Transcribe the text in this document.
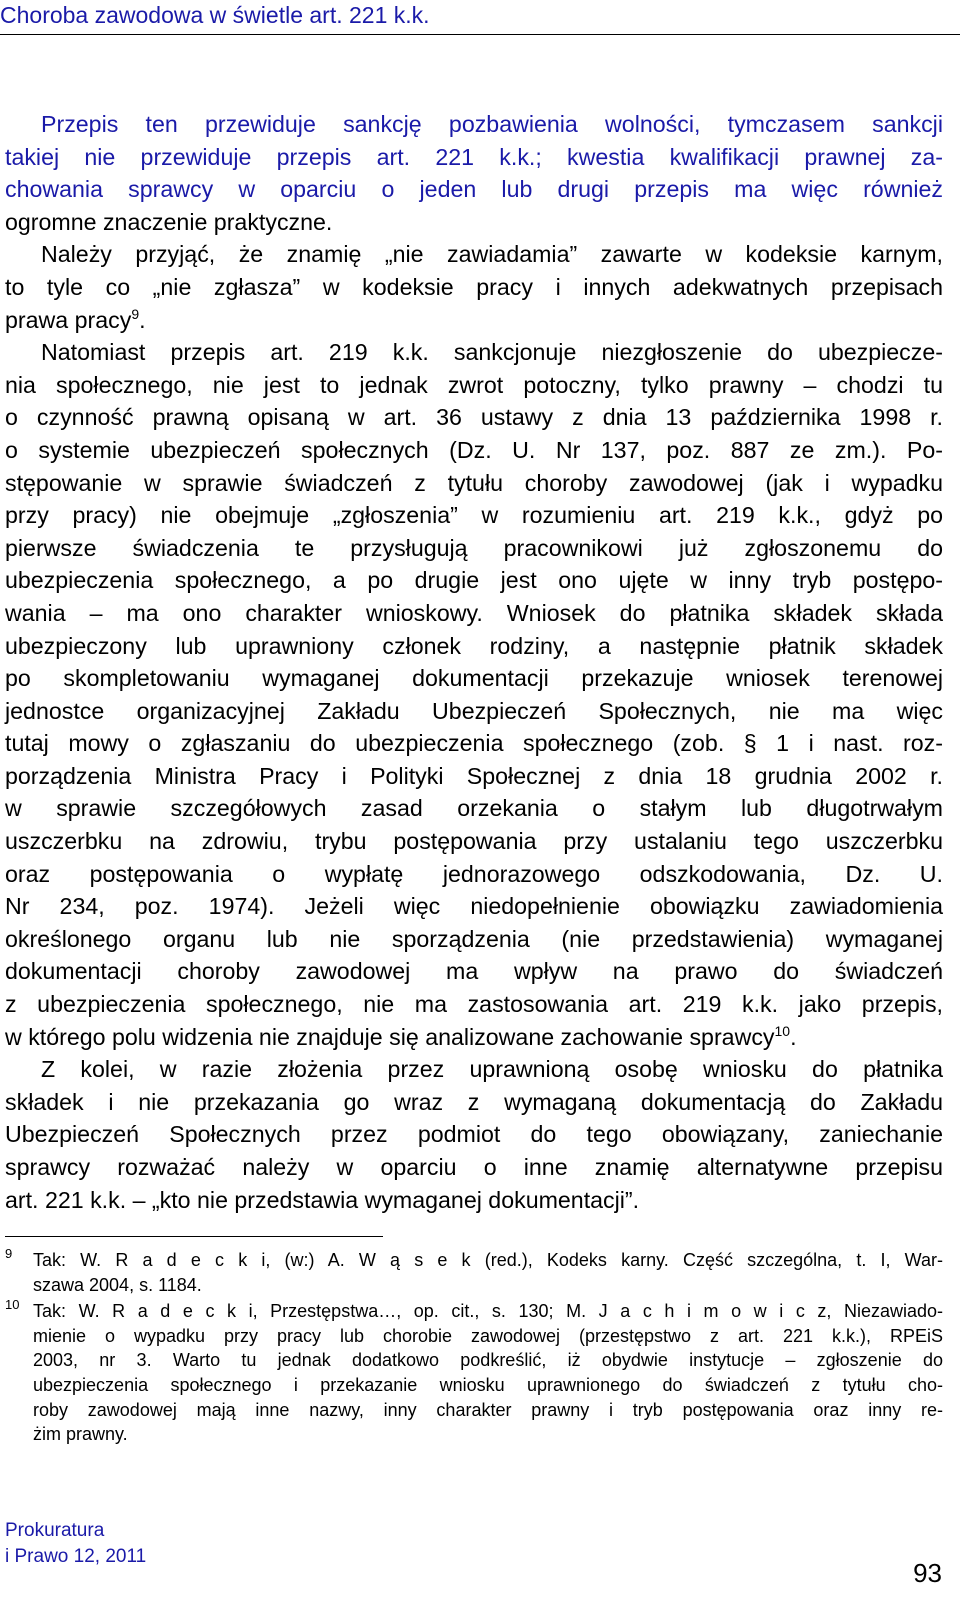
Choroba zawodowa w świetle art. 221 k.k.
Przepis ten przewiduje sankcję pozbawienia wolności, tymczasem sankcji
takiej nie przewiduje przepis art. 221 k.k.; kwestia kwalifikacji prawnej za-
chowania sprawcy w oparciu o jeden lub drugi przepis ma więc również
ogromne znaczenie praktyczne.
Należy przyjąć, że znamię „nie zawiadamia” zawarte w kodeksie karnym,
to tyle co „nie zgłasza” w kodeksie pracy i innych adekwatnych przepisach
prawa pracy$^9$.
Natomiast przepis art. 219 k.k. sankcjonuje niezgłoszenie do ubezpiecze-
nia społecznego, nie jest to jednak zwrot potoczny, tylko prawny – chodzi tu
o czynność prawną opisaną w art. 36 ustawy z dnia 13 października 1998 r.
o systemie ubezpieczeń społecznych (Dz. U. Nr 137, poz. 887 ze zm.). Po-
stępowanie w sprawie świadczeń z tytułu choroby zawodowej (jak i wypadku
przy pracy) nie obejmuje „zgłoszenia” w rozumieniu art. 219 k.k., gdyż po
pierwsze świadczenia te przysługują pracownikowi już zgłoszonemu do
ubezpieczenia społecznego, a po drugie jest ono ujęte w inny tryb postępo-
wania – ma ono charakter wnioskowy. Wniosek do płatnika składek składa
ubezpieczony lub uprawniony członek rodziny, a następnie płatnik składek
po skompletowaniu wymaganej dokumentacji przekazuje wniosek terenowej
jednostce organizacyjnej Zakładu Ubezpieczeń Społecznych, nie ma więc
tutaj mowy o zgłaszaniu do ubezpieczenia społecznego (zob. § 1 i nast. roz-
porządzenia Ministra Pracy i Polityki Społecznej z dnia 18 grudnia 2002 r.
w sprawie szczegółowych zasad orzekania o stałym lub długotrwałym
uszczerbku na zdrowiu, trybu postępowania przy ustalaniu tego uszczerbku
oraz postępowania o wypłatę jednorazowego odszkodowania, Dz. U.
Nr 234, poz. 1974). Jeżeli więc niedopełnienie obowiązku zawiadomienia
określonego organu lub nie sporządzenia (nie przedstawienia) wymaganej
dokumentacji choroby zawodowej ma wpływ na prawo do świadczeń
z ubezpieczenia społecznego, nie ma zastosowania art. 219 k.k. jako przepis,
w którego polu widzenia nie znajduje się analizowane zachowanie sprawcy$^{10}$.
Z kolei, w razie złożenia przez uprawnioną osobę wniosku do płatnika
składek i nie przekazania go wraz z wymaganą dokumentacją do Zakładu
Ubezpieczeń Społecznych przez podmiot do tego obowiązany, zaniechanie
sprawcy rozważać należy w oparciu o inne znamię alternatywne przepisu
art. 221 k.k. – „kto nie przedstawia wymaganej dokumentacji”.
9 Tak: W. R a d e c k i, (w:) A. W ą s e k (red.), Kodeks karny. Część szczególna, t. I, War-
szawa 2004, s. 1184.
10 Tak: W. R a d e c k i, Przestępstwa…, op. cit., s. 130; M. J a c h i m o w i c z, Niezawiado-
mienie o wypadku przy pracy lub chorobie zawodowej (przestępstwo z art. 221 k.k.), RPEiS
2003, nr 3. Warto tu jednak dodatkowo podkreślić, iż obydwie instytucje – zgłoszenie do
ubezpieczenia społecznego i przekazanie wniosku uprawnionego do świadczeń z tytułu cho-
roby zawodowej mają inne nazwy, inny charakter prawny i tryb postępowania oraz inny re-
żim prawny.
Prokuratura
i Prawo 12, 2011
93
